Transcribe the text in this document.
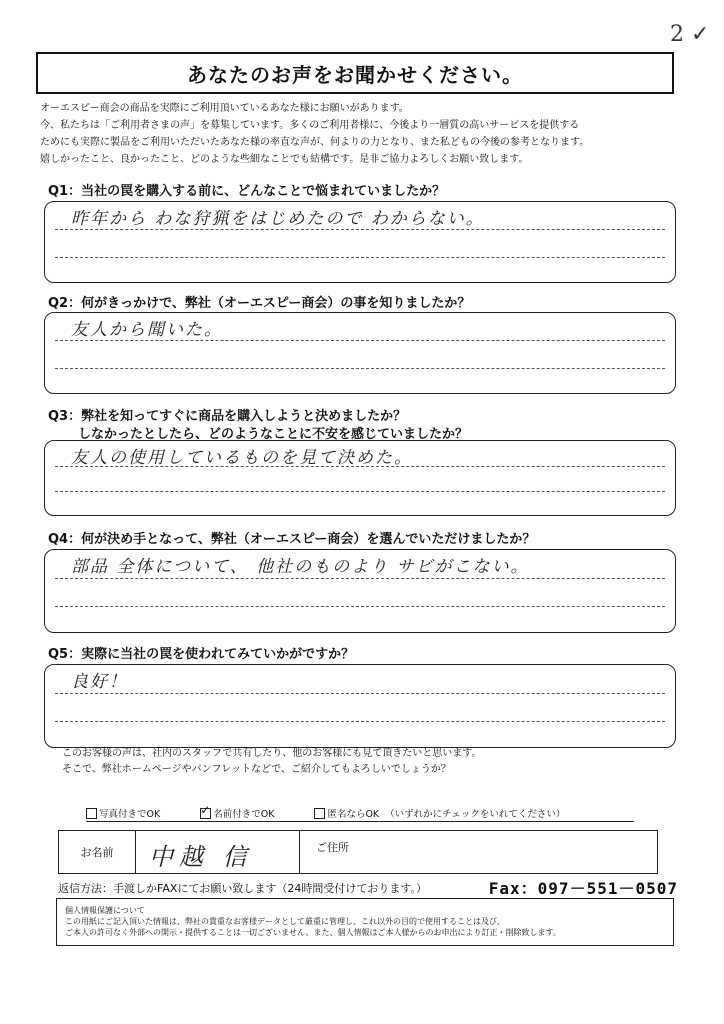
2 ✓
あなたのお声をお聞かせください。
オーエスピー商会の商品を実際にご利用頂いているあなた様にお願いがあります。
今、私たちは「ご利用者さまの声」を募集しています。多くのご利用者様に、今後より一層質の高いサービスを提供する
ためにも実際に製品をご利用いただいたあなた様の率直な声が、何よりの力となり、また私どもの今後の参考となります。
嬉しかったこと、良かったこと、どのような些細なことでも結構です。是非ご協力よろしくお願い致します。
Q1：当社の罠を購入する前に、どんなことで悩まれていましたか？
昨年から わな狩猟をはじめたので わからない。
Q2：何がきっかけで、弊社（オーエスピー商会）の事を知りましたか？
友人から聞いた。
Q3：弊社を知ってすぐに商品を購入しようと決めましたか？
しなかったとしたら、どのようなことに不安を感じていましたか？
友人の使用しているものを見て決めた。
Q4：何が決め手となって、弊社（オーエスピー商会）を選んでいただけましたか？
部品 全体について、 他社のものより サビがこない。
Q5：実際に当社の罠を使われてみていかがですか？
良好！
このお客様の声は、社内のスタッフで共有したり、他のお客様にも見て頂きたいと思います。
そこで、弊社ホームページやパンフレットなどで、ご紹介してもよろしいでしょうか？
写真付きでOK
✓	名前付きでOK	匿名ならOK （いずれかにチェックをいれてください）
お名前	中越 信	ご住所
返信方法：手渡しかFAXにてお願い致します（24時間受付けております。）	Fax：097－551－0507
個人情報保護について
この用紙にご記入頂いた情報は、弊社の貴重なお客様データとして厳重に管理し、これ以外の目的で使用することは及び、
ご本人の許可なく外部への開示・提供することは一切ございません。また、個人情報はご本人様からのお申出により訂正・削除致します。
